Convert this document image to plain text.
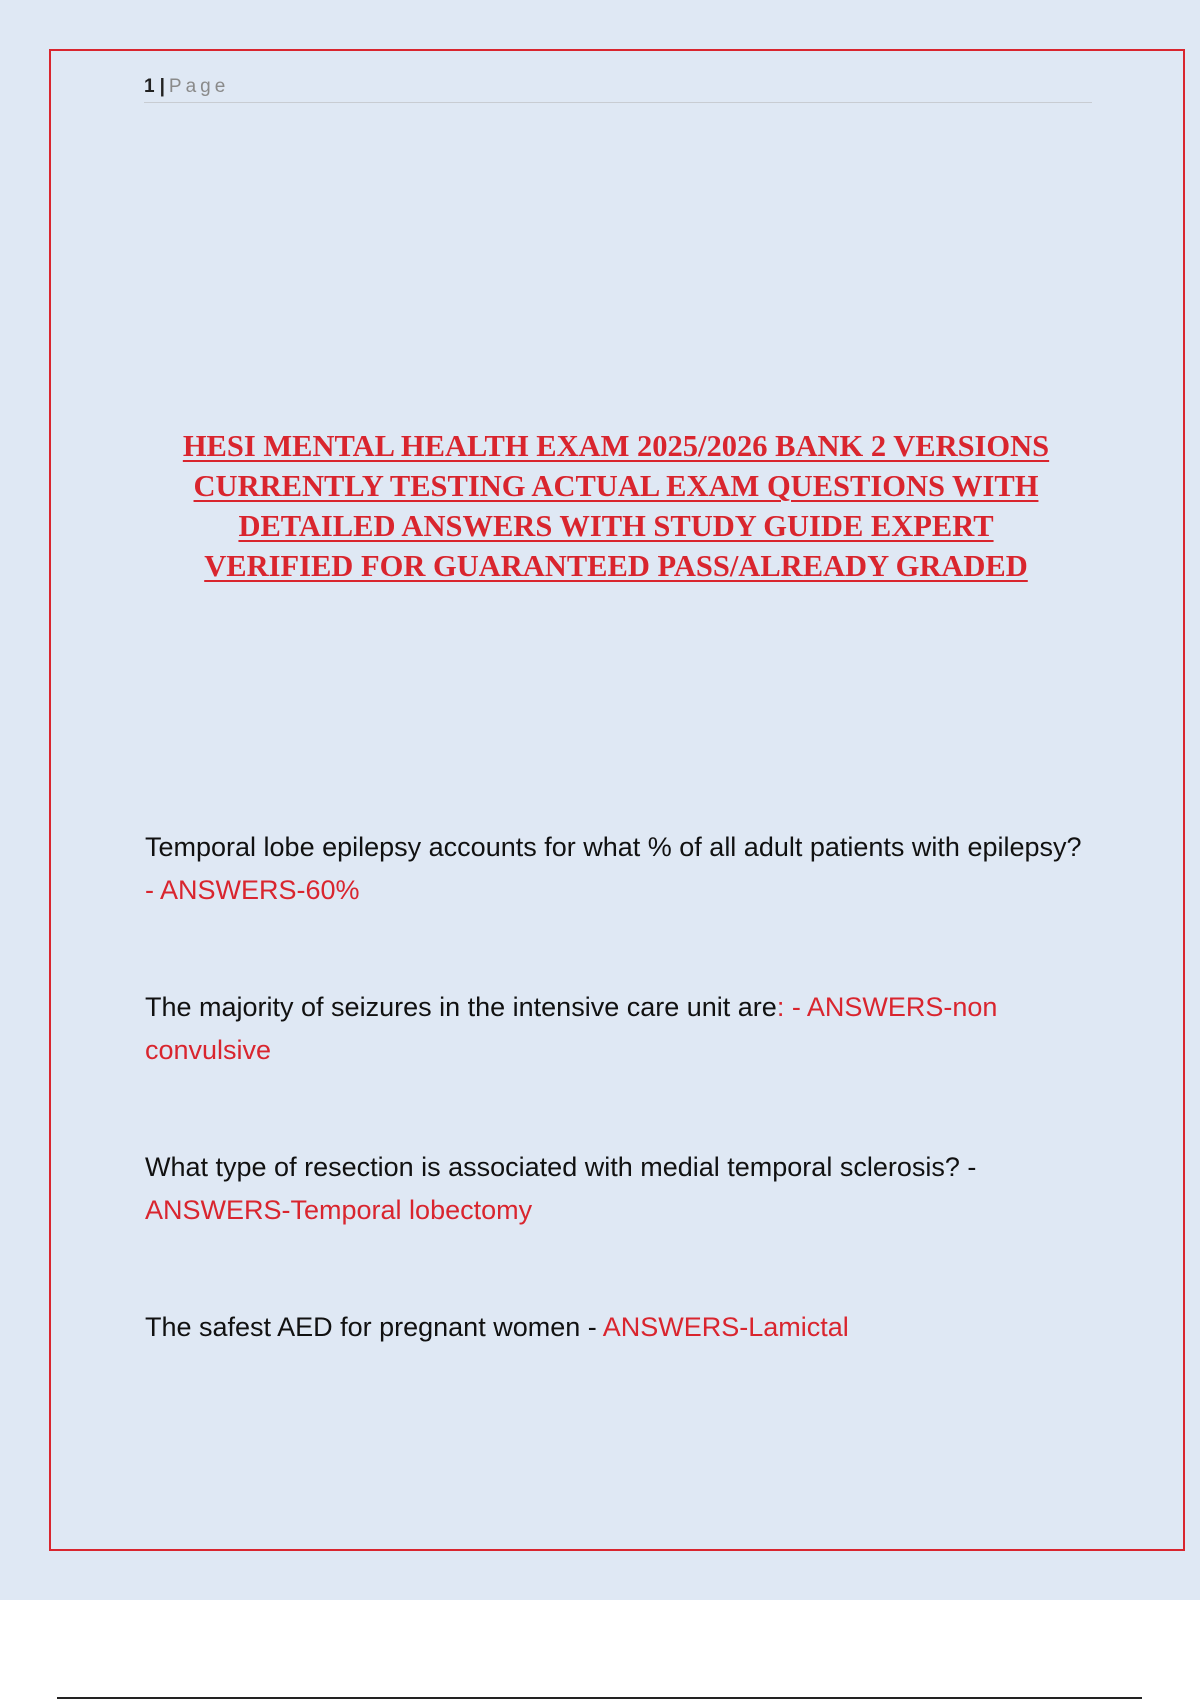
1 | Page
HESI MENTAL HEALTH EXAM 2025/2026 BANK 2 VERSIONS
CURRENTLY TESTING ACTUAL EXAM QUESTIONS WITH
DETAILED ANSWERS WITH STUDY GUIDE EXPERT
VERIFIED FOR GUARANTEED PASS/ALREADY GRADED

Temporal lobe epilepsy accounts for what % of all adult patients with epilepsy? - ANSWERS-60%

The majority of seizures in the intensive care unit are: - ANSWERS-non convulsive

What type of resection is associated with medial temporal sclerosis? - ANSWERS-Temporal lobectomy

The safest AED for pregnant women - ANSWERS-Lamictal
